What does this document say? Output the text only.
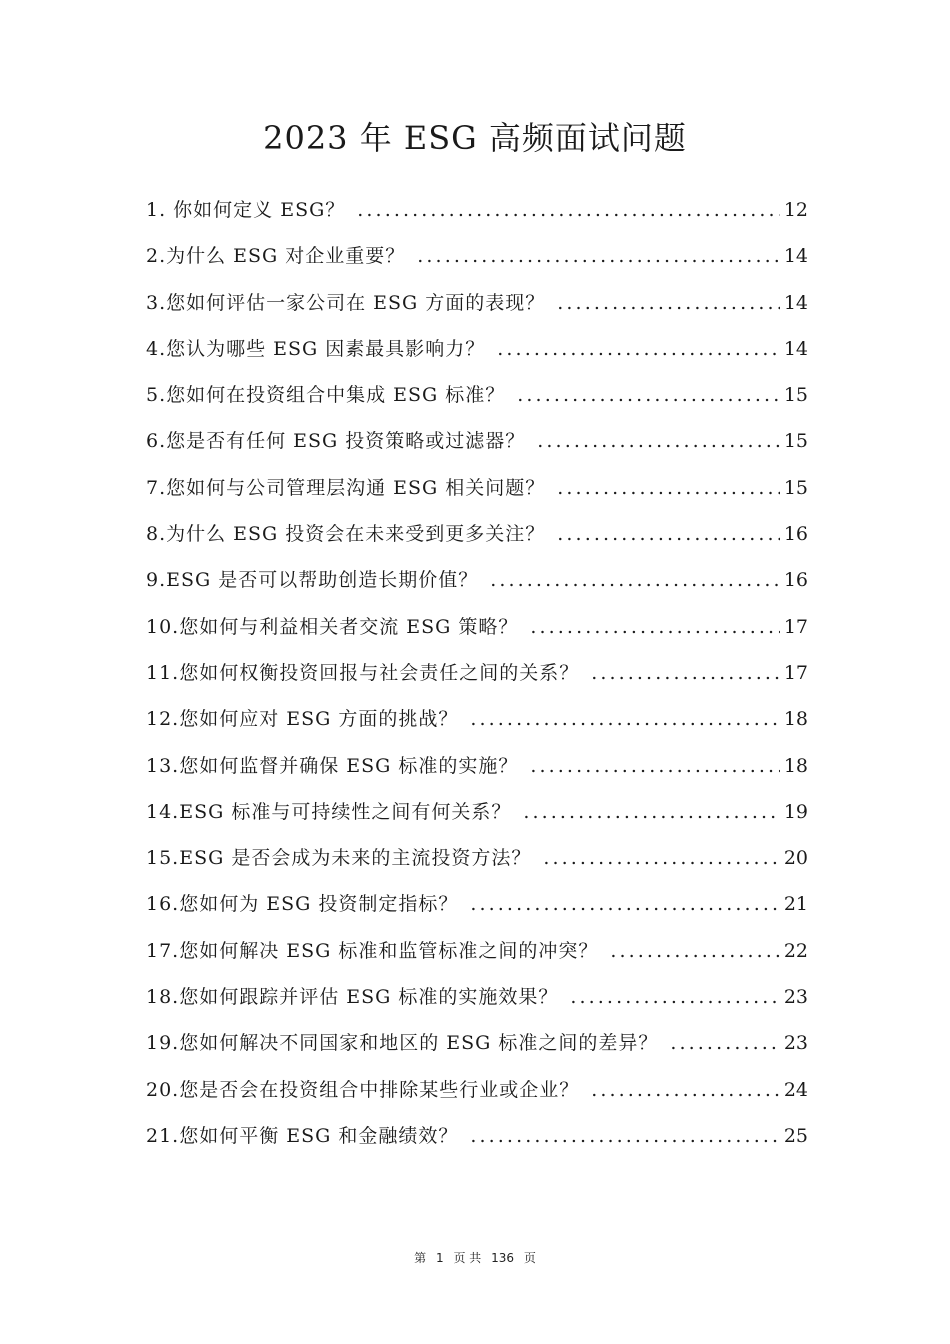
2023 年 ESG 高频面试问题
1. 你如何定义 ESG？ .....	12
2.为什么 ESG 对企业重要？ .....	14
3.您如何评估一家公司在 ESG 方面的表现？ .....	14
4.您认为哪些 ESG 因素最具影响力？ .....	14
5.您如何在投资组合中集成 ESG 标准？ .....	15
6.您是否有任何 ESG 投资策略或过滤器？ .....	15
7.您如何与公司管理层沟通 ESG 相关问题？ .....	15
8.为什么 ESG 投资会在未来受到更多关注？ .....	16
9.ESG 是否可以帮助创造长期价值？ .....	16
10.您如何与利益相关者交流 ESG 策略？ .....	17
11.您如何权衡投资回报与社会责任之间的关系？ .....	17
12.您如何应对 ESG 方面的挑战？ .....	18
13.您如何监督并确保 ESG 标准的实施？ .....	18
14.ESG 标准与可持续性之间有何关系？ .....	19
15.ESG 是否会成为未来的主流投资方法？ .....	20
16.您如何为 ESG 投资制定指标？ .....	21
17.您如何解决 ESG 标准和监管标准之间的冲突？ .....	22
18.您如何跟踪并评估 ESG 标准的实施效果？ .....	23
19.您如何解决不同国家和地区的 ESG 标准之间的差异？ .....	23
20.您是否会在投资组合中排除某些行业或企业？ .....	24
21.您如何平衡 ESG 和金融绩效？ .....	25
第 1 页 共 136 页
